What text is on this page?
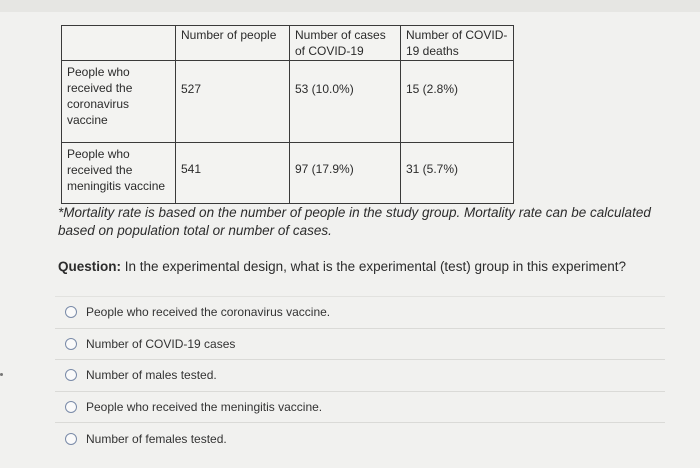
	Number of people	Number of cases of COVID-19	Number of COVID-19 deaths
People who received the coronavirus vaccine	527	53 (10.0%)	15 (2.8%)
People who received the meningitis vaccine	541	97 (17.9%)	31 (5.7%)
*Mortality rate is based on the number of people in the study group. Mortality rate can be calculated based on population total or number of cases.
Question: In the experimental design, what is the experimental (test) group in this experiment?
People who received the coronavirus vaccine.
Number of COVID-19 cases
Number of males tested.
People who received the meningitis vaccine.
Number of females tested.
